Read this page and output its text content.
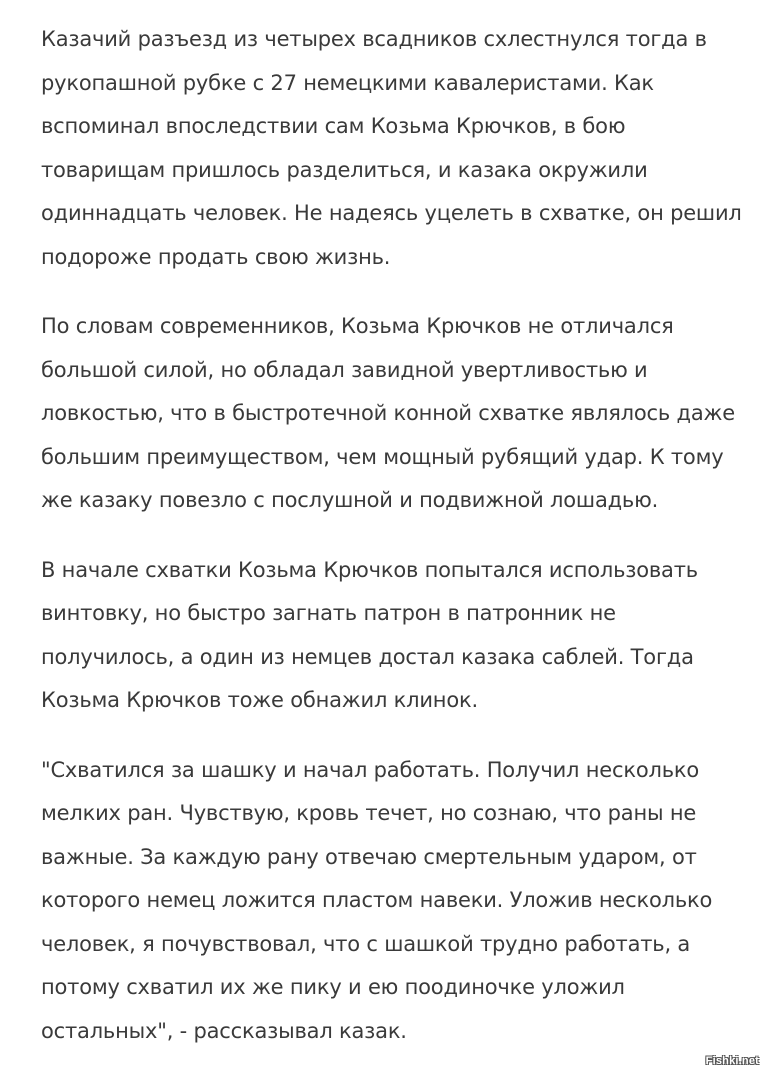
Казачий разъезд из четырех всадников схлестнулся тогда в
рукопашной рубке с 27 немецкими кавалеристами. Как
вспоминал впоследствии сам Козьма Крючков, в бою
товарищам пришлось разделиться, и казака окружили
одиннадцать человек. Не надеясь уцелеть в схватке, он решил
подороже продать свою жизнь.

По словам современников, Козьма Крючков не отличался
большой силой, но обладал завидной увертливостью и
ловкостью, что в быстротечной конной схватке являлось даже
большим преимуществом, чем мощный рубящий удар. К тому
же казаку повезло с послушной и подвижной лошадью.

В начале схватки Козьма Крючков попытался использовать
винтовку, но быстро загнать патрон в патронник не
получилось, а один из немцев достал казака саблей. Тогда
Козьма Крючков тоже обнажил клинок.

"Схватился за шашку и начал работать. Получил несколько
мелких ран. Чувствую, кровь течет, но сознаю, что раны не
важные. За каждую рану отвечаю смертельным ударом, от
которого немец ложится пластом навеки. Уложив несколько
человек, я почувствовал, что с шашкой трудно работать, а
потому схватил их же пику и ею поодиночке уложил
остальных", - рассказывал казак.

Fishki.net
